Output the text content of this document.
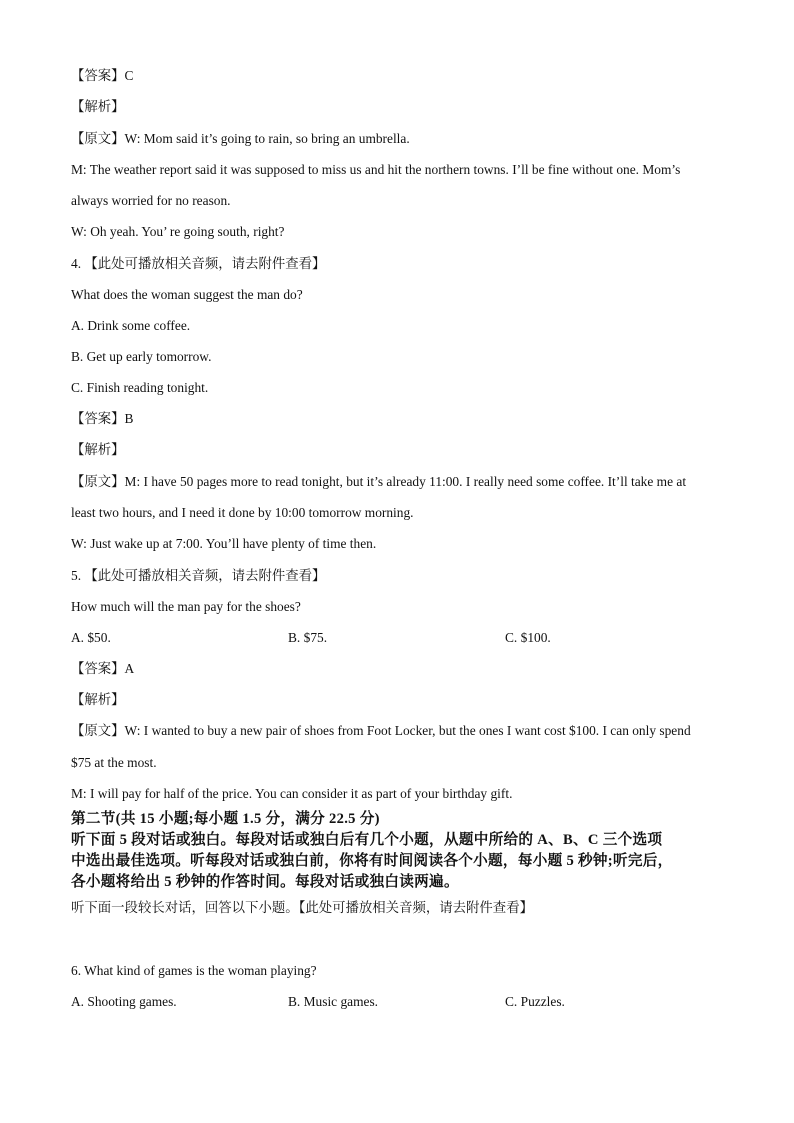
【答案】C
【解析】
【原文】W: Mom said it’s going to rain, so bring an umbrella.
M: The weather report said it was supposed to miss us and hit the northern towns. I’ll be fine without one. Mom’s
always worried for no reason.
W: Oh yeah. You’ re going south, right?
4. 【此处可播放相关音频，请去附件查看】
What does the woman suggest the man do?
A. Drink some coffee.
B. Get up early tomorrow.
C. Finish reading tonight.
【答案】B
【解析】
【原文】M: I have 50 pages more to read tonight, but it’s already 11:00. I really need some coffee. It’ll take me at
least two hours, and I need it done by 10:00 tomorrow morning.
W: Just wake up at 7:00. You’ll have plenty of time then.
5. 【此处可播放相关音频，请去附件查看】
How much will the man pay for the shoes?
A. $50.	B. $75.	C. $100.
【答案】A
【解析】
【原文】W: I wanted to buy a new pair of shoes from Foot Locker, but the ones I want cost $100. I can only spend
$75 at the most.
M: I will pay for half of the price. You can consider it as part of your birthday gift.
第二节(共 15 小题;每小题 1.5 分，满分 22.5 分)
听下面 5 段对话或独白。每段对话或独白后有几个小题，从题中所给的 A、B、C 三个选项
中选出最佳选项。听每段对话或独白前，你将有时间阅读各个小题，每小题 5 秒钟;听完后，
各小题将给出 5 秒钟的作答时间。每段对话或独白读两遍。
听下面一段较长对话，回答以下小题。【此处可播放相关音频，请去附件查看】
6. What kind of games is the woman playing?
A. Shooting games.	B. Music games.	C. Puzzles.
